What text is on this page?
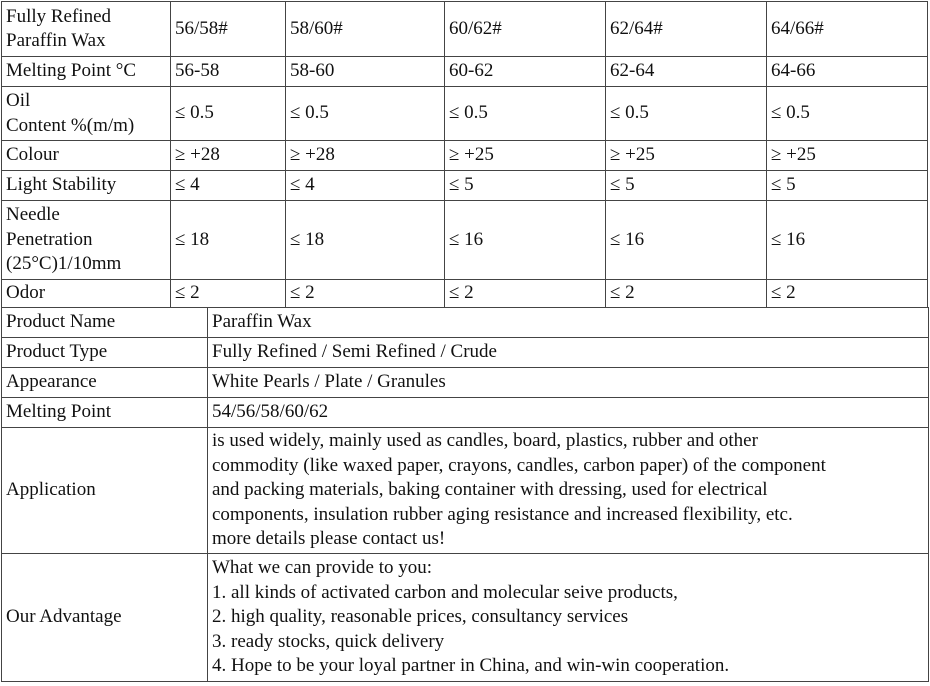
Fully Refined
Paraffin Wax	56/58#	58/60#	60/62#	62/64#	64/66#
Melting Point °C	56-58	58-60	60-62	62-64	64-66

Oil
Content %(m/m)	≤ 0.5	≤ 0.5	≤ 0.5	≤ 0.5	≤ 0.5
Colour	≥ +28	≥ +28	≥ +25	≥ +25	≥ +25
Light Stability	≤ 4	≤ 4	≤ 5	≤ 5	≤ 5

Needle
Penetration
(25°C)1/10mm	≤ 18	≤ 18	≤ 16	≤ 16	≤ 16
Odor	≤ 2	≤ 2	≤ 2	≤ 2	≤ 2
Product Name	Paraffin Wax
Product Type	Fully Refined / Semi Refined / Crude
Appearance	White Pearls / Plate / Granules
Melting Point	54/56/58/60/62
Application	is used widely, mainly used as candles, board, plastics, rubber and other
commodity (like waxed paper, crayons, candles, carbon paper) of the component
and packing materials, baking container with dressing, used for electrical
components, insulation rubber aging resistance and increased flexibility, etc.
more details please contact us!

Our Advantage	What we can provide to you:
1. all kinds of activated carbon and molecular seive products,
2. high quality, reasonable prices, consultancy services
3. ready stocks, quick delivery
4. Hope to be your loyal partner in China, and win-win cooperation.
